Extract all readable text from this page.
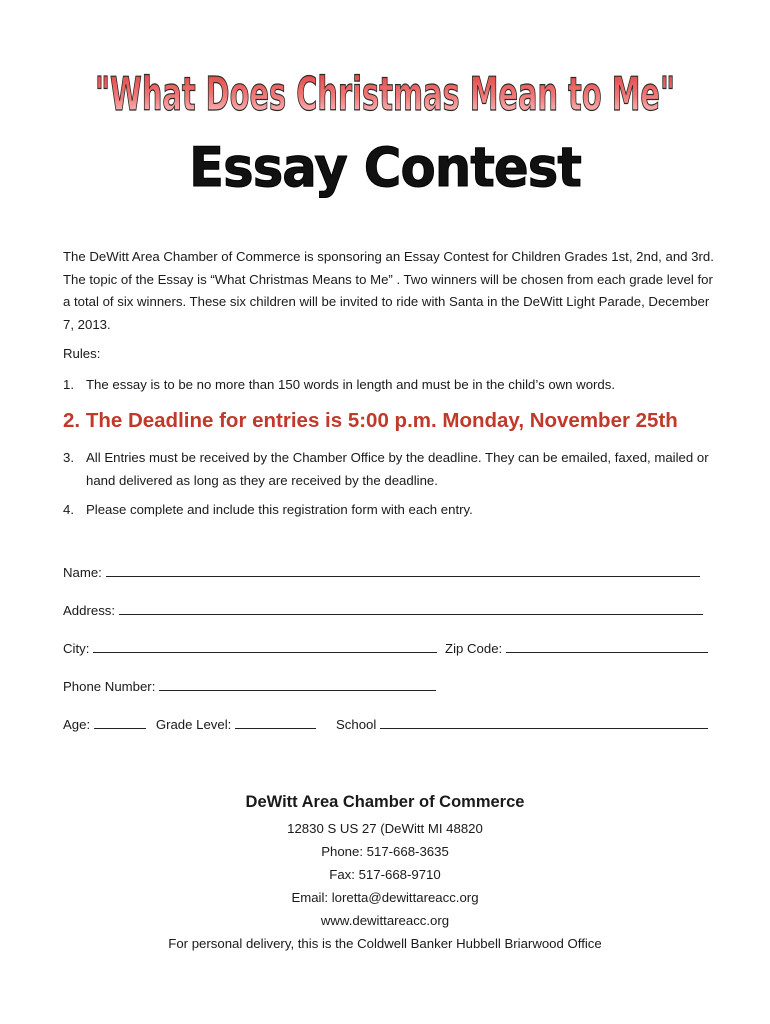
"What Does Christmas Mean to Me"
Essay Contest

The DeWitt Area Chamber of Commerce is sponsoring an Essay Contest for Children Grades 1st, 2nd, and 3rd. The topic of the Essay is “What Christmas Means to Me” . Two winners will be chosen from each grade level for a total of six winners. These six children will be invited to ride with Santa in the DeWitt Light Parade, December 7, 2013.

Rules:
1. The essay is to be no more than 150 words in length and must be in the child’s own words.
2. The Deadline for entries is 5:00 p.m. Monday, November 25th
3. All Entries must be received by the Chamber Office by the deadline. They can be emailed, faxed, mailed or hand delivered as long as they are received by the deadline.
4. Please complete and include this registration form with each entry.
Name:
Address:
City:	Zip Code:
Phone Number:
Age:	Grade Level:	School
DeWitt Area Chamber of Commerce
12830 S US 27 (DeWitt MI 48820
Phone: 517-668-3635
Fax: 517-668-9710
Email: loretta@dewittareacc.org
www.dewittareacc.org
For personal delivery, this is the Coldwell Banker Hubbell Briarwood Office
